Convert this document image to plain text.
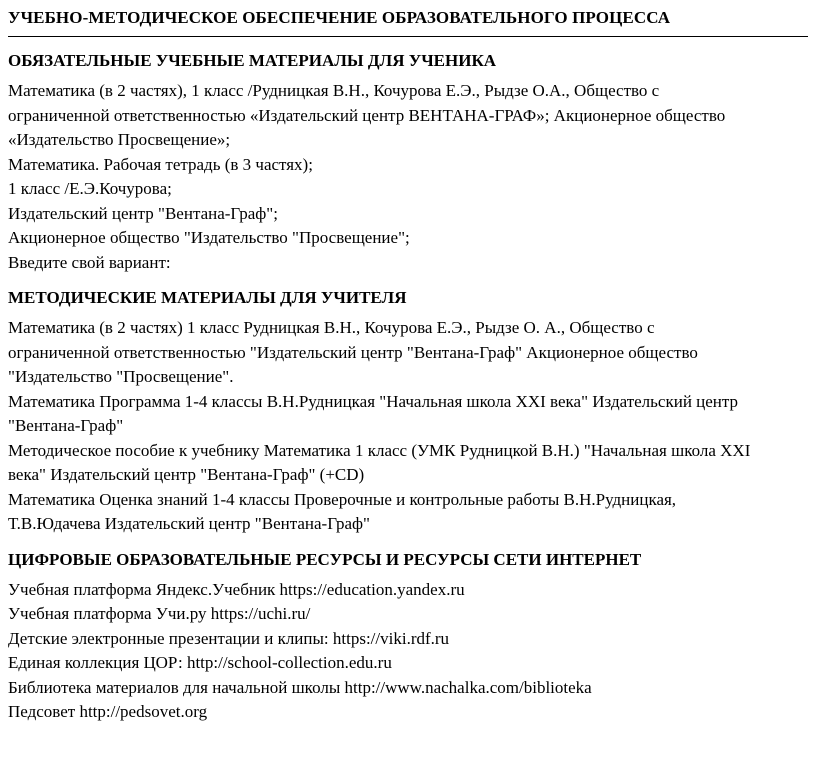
УЧЕБНО-МЕТОДИЧЕСКОЕ ОБЕСПЕЧЕНИЕ ОБРАЗОВАТЕЛЬНОГО ПРОЦЕССА
ОБЯЗАТЕЛЬНЫЕ УЧЕБНЫЕ МАТЕРИАЛЫ ДЛЯ УЧЕНИКА

Математика (в 2 частях), 1 класс /Рудницкая В.Н., Кочурова Е.Э., Рыдзе О.А., Общество с

ограниченной ответственностью «Издательский центр ВЕНТАНА-ГРАФ»; Акционерное общество

«Издательство Просвещение»;

Математика. Рабочая тетрадь (в 3 частях);

1 класс /Е.Э.Кочурова;

Издательский центр "Вентана-Граф";

Акционерное общество "Издательство "Просвещение";

Введите свой вариант:

МЕТОДИЧЕСКИЕ МАТЕРИАЛЫ ДЛЯ УЧИТЕЛЯ

Математика (в 2 частях) 1 класс Рудницкая В.Н., Кочурова Е.Э., Рыдзе О. А., Общество с

ограниченной ответственностью "Издательский центр "Вентана-Граф" Акционерное общество

"Издательство "Просвещение".

Математика Программа 1-4 классы В.Н.Рудницкая "Начальная школа XXI века" Издательский центр

"Вентана-Граф"

Методическое пособие к учебнику Математика 1 класс (УМК Рудницкой В.Н.) "Начальная школа XXI

века" Издательский центр "Вентана-Граф" (+CD)

Математика Оценка знаний 1-4 классы Проверочные и контрольные работы В.Н.Рудницкая,

Т.В.Юдачева Издательский центр "Вентана-Граф"

ЦИФРОВЫЕ ОБРАЗОВАТЕЛЬНЫЕ РЕСУРСЫ И РЕСУРСЫ СЕТИ ИНТЕРНЕТ

Учебная платформа Яндекс.Учебник https://education.yandex.ru

Учебная платформа Учи.ру https://uchi.ru/

Детские электронные презентации и клипы: https://viki.rdf.ru

Единая коллекция ЦОР: http://school-collection.edu.ru

Библиотека материалов для начальной школы http://www.nachalka.com/biblioteka

Педсовет http://pedsovet.org
